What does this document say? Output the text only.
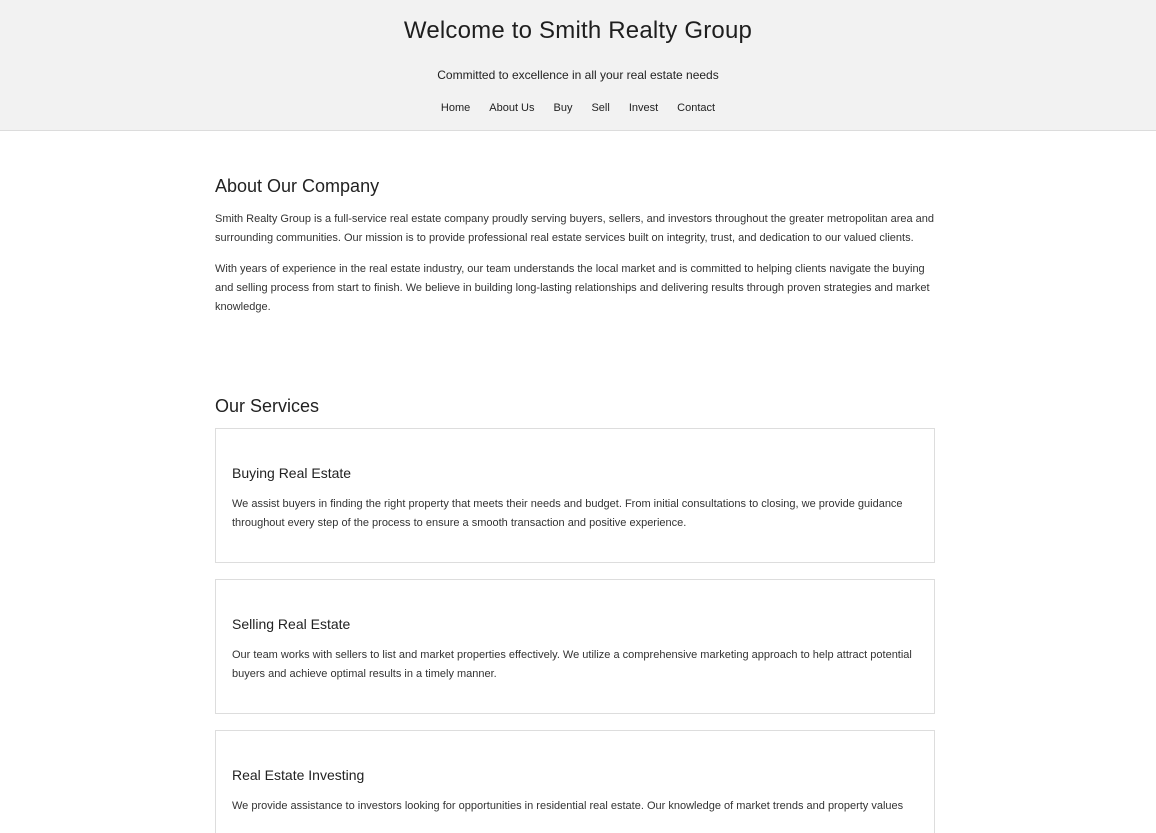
Welcome to Smith Realty Group

Committed to excellence in all your real estate needs

Home About Us Buy Sell Invest Contact
About Our Company

Smith Realty Group is a full-service real estate company proudly serving buyers, sellers, and investors throughout the greater metropolitan area and surrounding communities. Our mission is to provide professional real estate services built on integrity, trust, and dedication to our valued clients.

With years of experience in the real estate industry, our team understands the local market and is committed to helping clients navigate the buying and selling process from start to finish. We believe in building long-lasting relationships and delivering results through proven strategies and market knowledge.

Our Services
Buying Real Estate

We assist buyers in finding the right property that meets their needs and budget. From initial consultations to closing, we provide guidance throughout every step of the process to ensure a smooth transaction and positive experience.

Selling Real Estate

Our team works with sellers to list and market properties effectively. We utilize a comprehensive marketing approach to help attract potential buyers and achieve optimal results in a timely manner.

Real Estate Investing

We provide assistance to investors looking for opportunities in residential real estate. Our knowledge of market trends and property values
